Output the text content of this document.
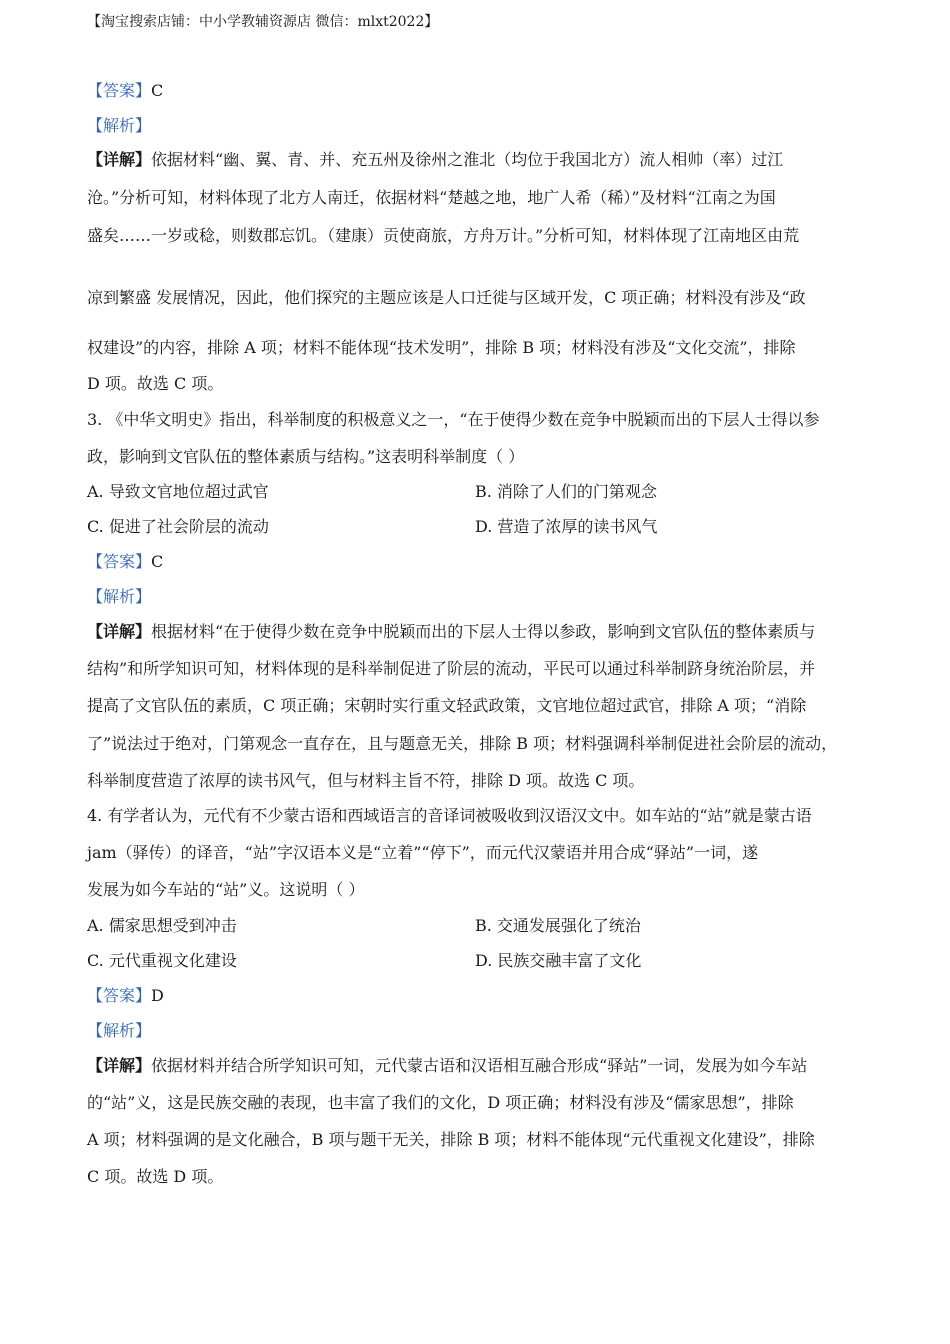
【淘宝搜索店铺：中小学教辅资源店 微信：mlxt2022】
【答案】C
【解析】
【详解】依据材料“幽、翼、青、并、充五州及徐州之淮北（均位于我国北方）流人相帅（率）过江
沧。”分析可知，材料体现了北方人南迁，依据材料“楚越之地，地广人希（稀）”及材料“江南之为国
盛矣……一岁或稔，则数郡忘饥。（建康）贡使商旅，方舟万计。”分析可知，材料体现了江南地区由荒
凉到繁盛 发展情况，因此，他们探究的主题应该是人口迁徙与区域开发，C 项正确；材料没有涉及“政
权建设”的内容，排除 A 项；材料不能体现“技术发明”，排除 B 项；材料没有涉及“文化交流”，排除
D 项。故选 C 项。
3. 《中华文明史》指出，科举制度的积极意义之一，“在于使得少数在竞争中脱颖而出的下层人士得以参
政，影响到文官队伍的整体素质与结构。”这表明科举制度（ ）
A. 导致文官地位超过武官	B. 消除了人们的门第观念
C. 促进了社会阶层的流动	D. 营造了浓厚的读书风气
【答案】C
【解析】
【详解】根据材料“在于使得少数在竞争中脱颖而出的下层人士得以参政，影响到文官队伍的整体素质与
结构”和所学知识可知，材料体现的是科举制促进了阶层的流动，平民可以通过科举制跻身统治阶层，并
提高了文官队伍的素质，C 项正确；宋朝时实行重文轻武政策，文官地位超过武官，排除 A 项；“消除
了”说法过于绝对，门第观念一直存在，且与题意无关，排除 B 项；材料强调科举制促进社会阶层的流动，
科举制度营造了浓厚的读书风气，但与材料主旨不符，排除 D 项。故选 C 项。
4. 有学者认为，元代有不少蒙古语和西域语言的音译词被吸收到汉语汉文中。如车站的“站”就是蒙古语
jam（驿传）的译音，“站”字汉语本义是“立着”“停下”，而元代汉蒙语并用合成“驿站”一词，遂
发展为如今车站的“站”义。这说明（ ）
A. 儒家思想受到冲击	B. 交通发展强化了统治
C. 元代重视文化建设	D. 民族交融丰富了文化
【答案】D
【解析】
【详解】依据材料并结合所学知识可知，元代蒙古语和汉语相互融合形成“驿站”一词，发展为如今车站
的“站”义，这是民族交融的表现，也丰富了我们的文化，D 项正确；材料没有涉及“儒家思想”，排除
A 项；材料强调的是文化融合，B 项与题干无关，排除 B 项；材料不能体现“元代重视文化建设”，排除
C 项。故选 D 项。
